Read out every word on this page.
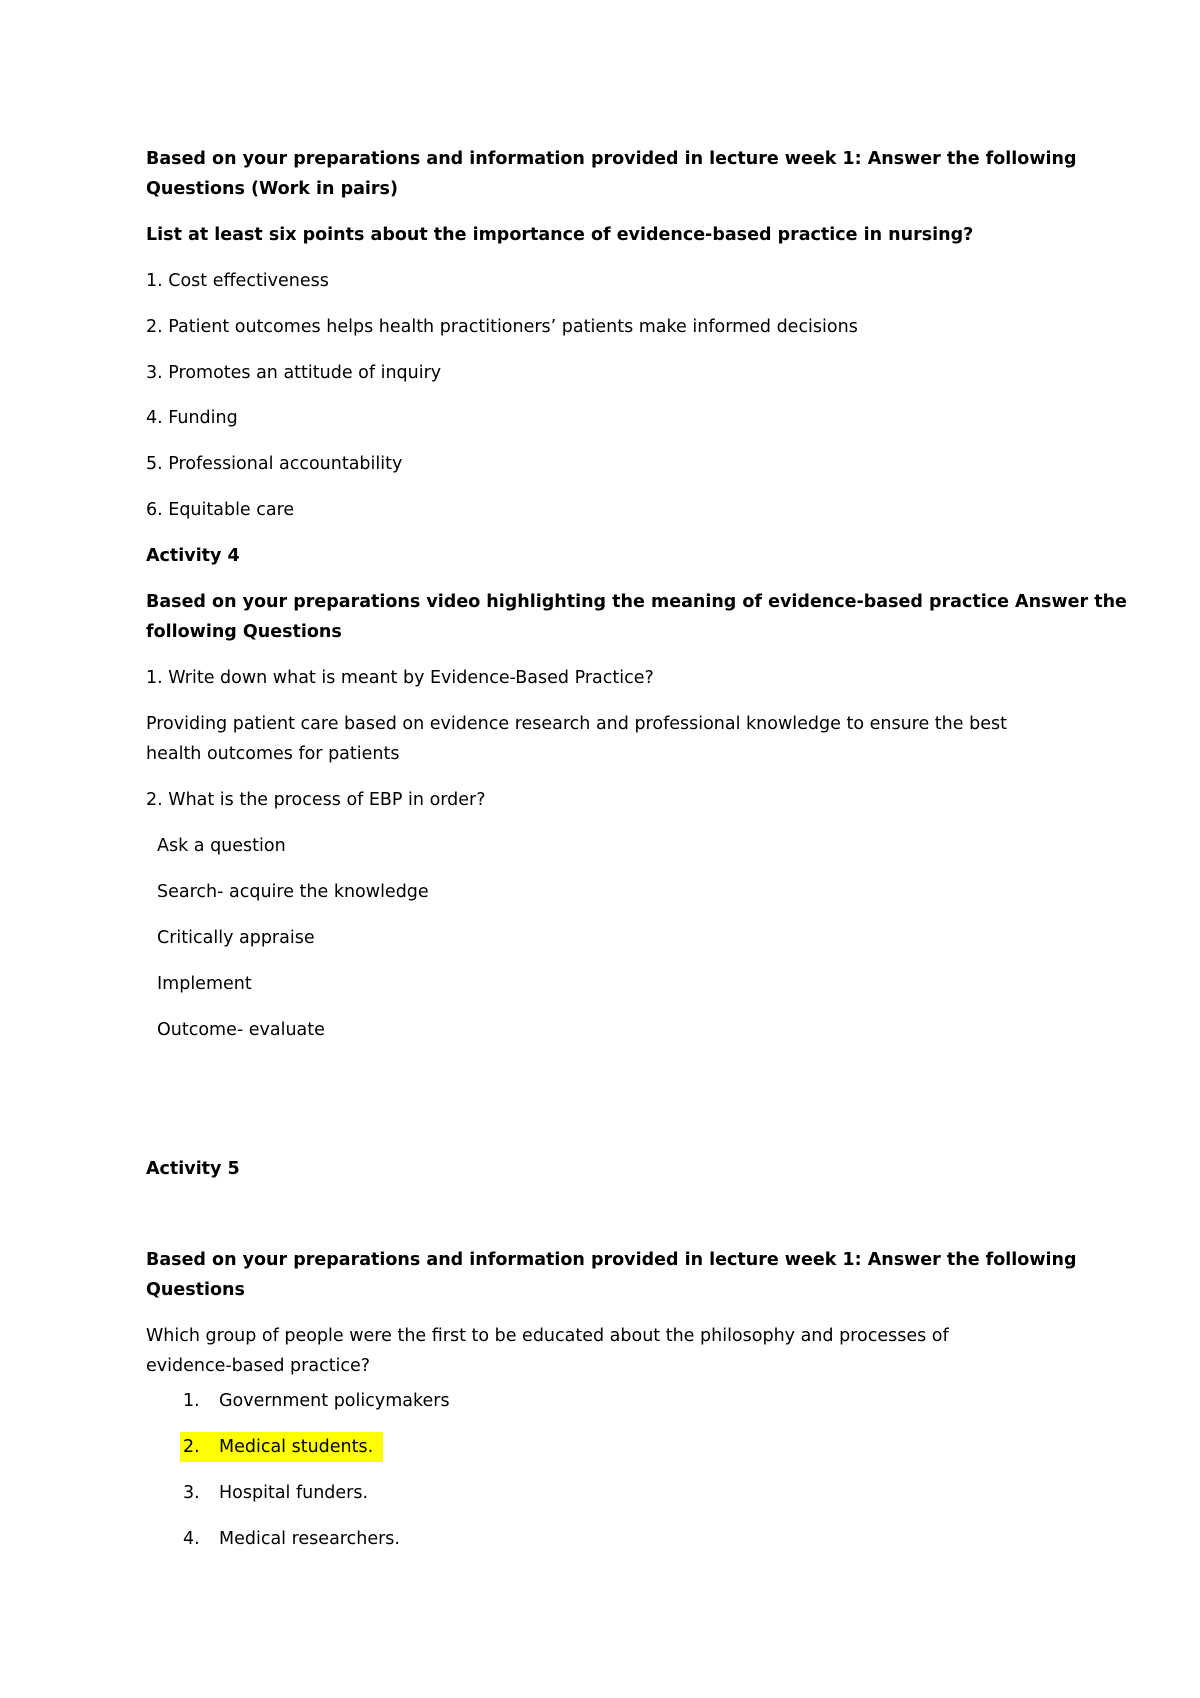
Based on your preparations and information provided in lecture week 1: Answer the following
Questions (Work in pairs)
List at least six points about the importance of evidence-based practice in nursing?
1. Cost effectiveness
2. Patient outcomes helps health practitioners’ patients make informed decisions
3. Promotes an attitude of inquiry
4. Funding
5. Professional accountability
6. Equitable care
Activity 4
Based on your preparations video highlighting the meaning of evidence-based practice Answer the
following Questions
1. Write down what is meant by Evidence-Based Practice?
Providing patient care based on evidence research and professional knowledge to ensure the best
health outcomes for patients
2. What is the process of EBP in order?
Ask a question
Search- acquire the knowledge
Critically appraise
Implement
Outcome- evaluate
Activity 5
Based on your preparations and information provided in lecture week 1: Answer the following
Questions
Which group of people were the first to be educated about the philosophy and processes of
evidence-based practice?
1. Government policymakers
2. Medical students.
3. Hospital funders.
4. Medical researchers.
